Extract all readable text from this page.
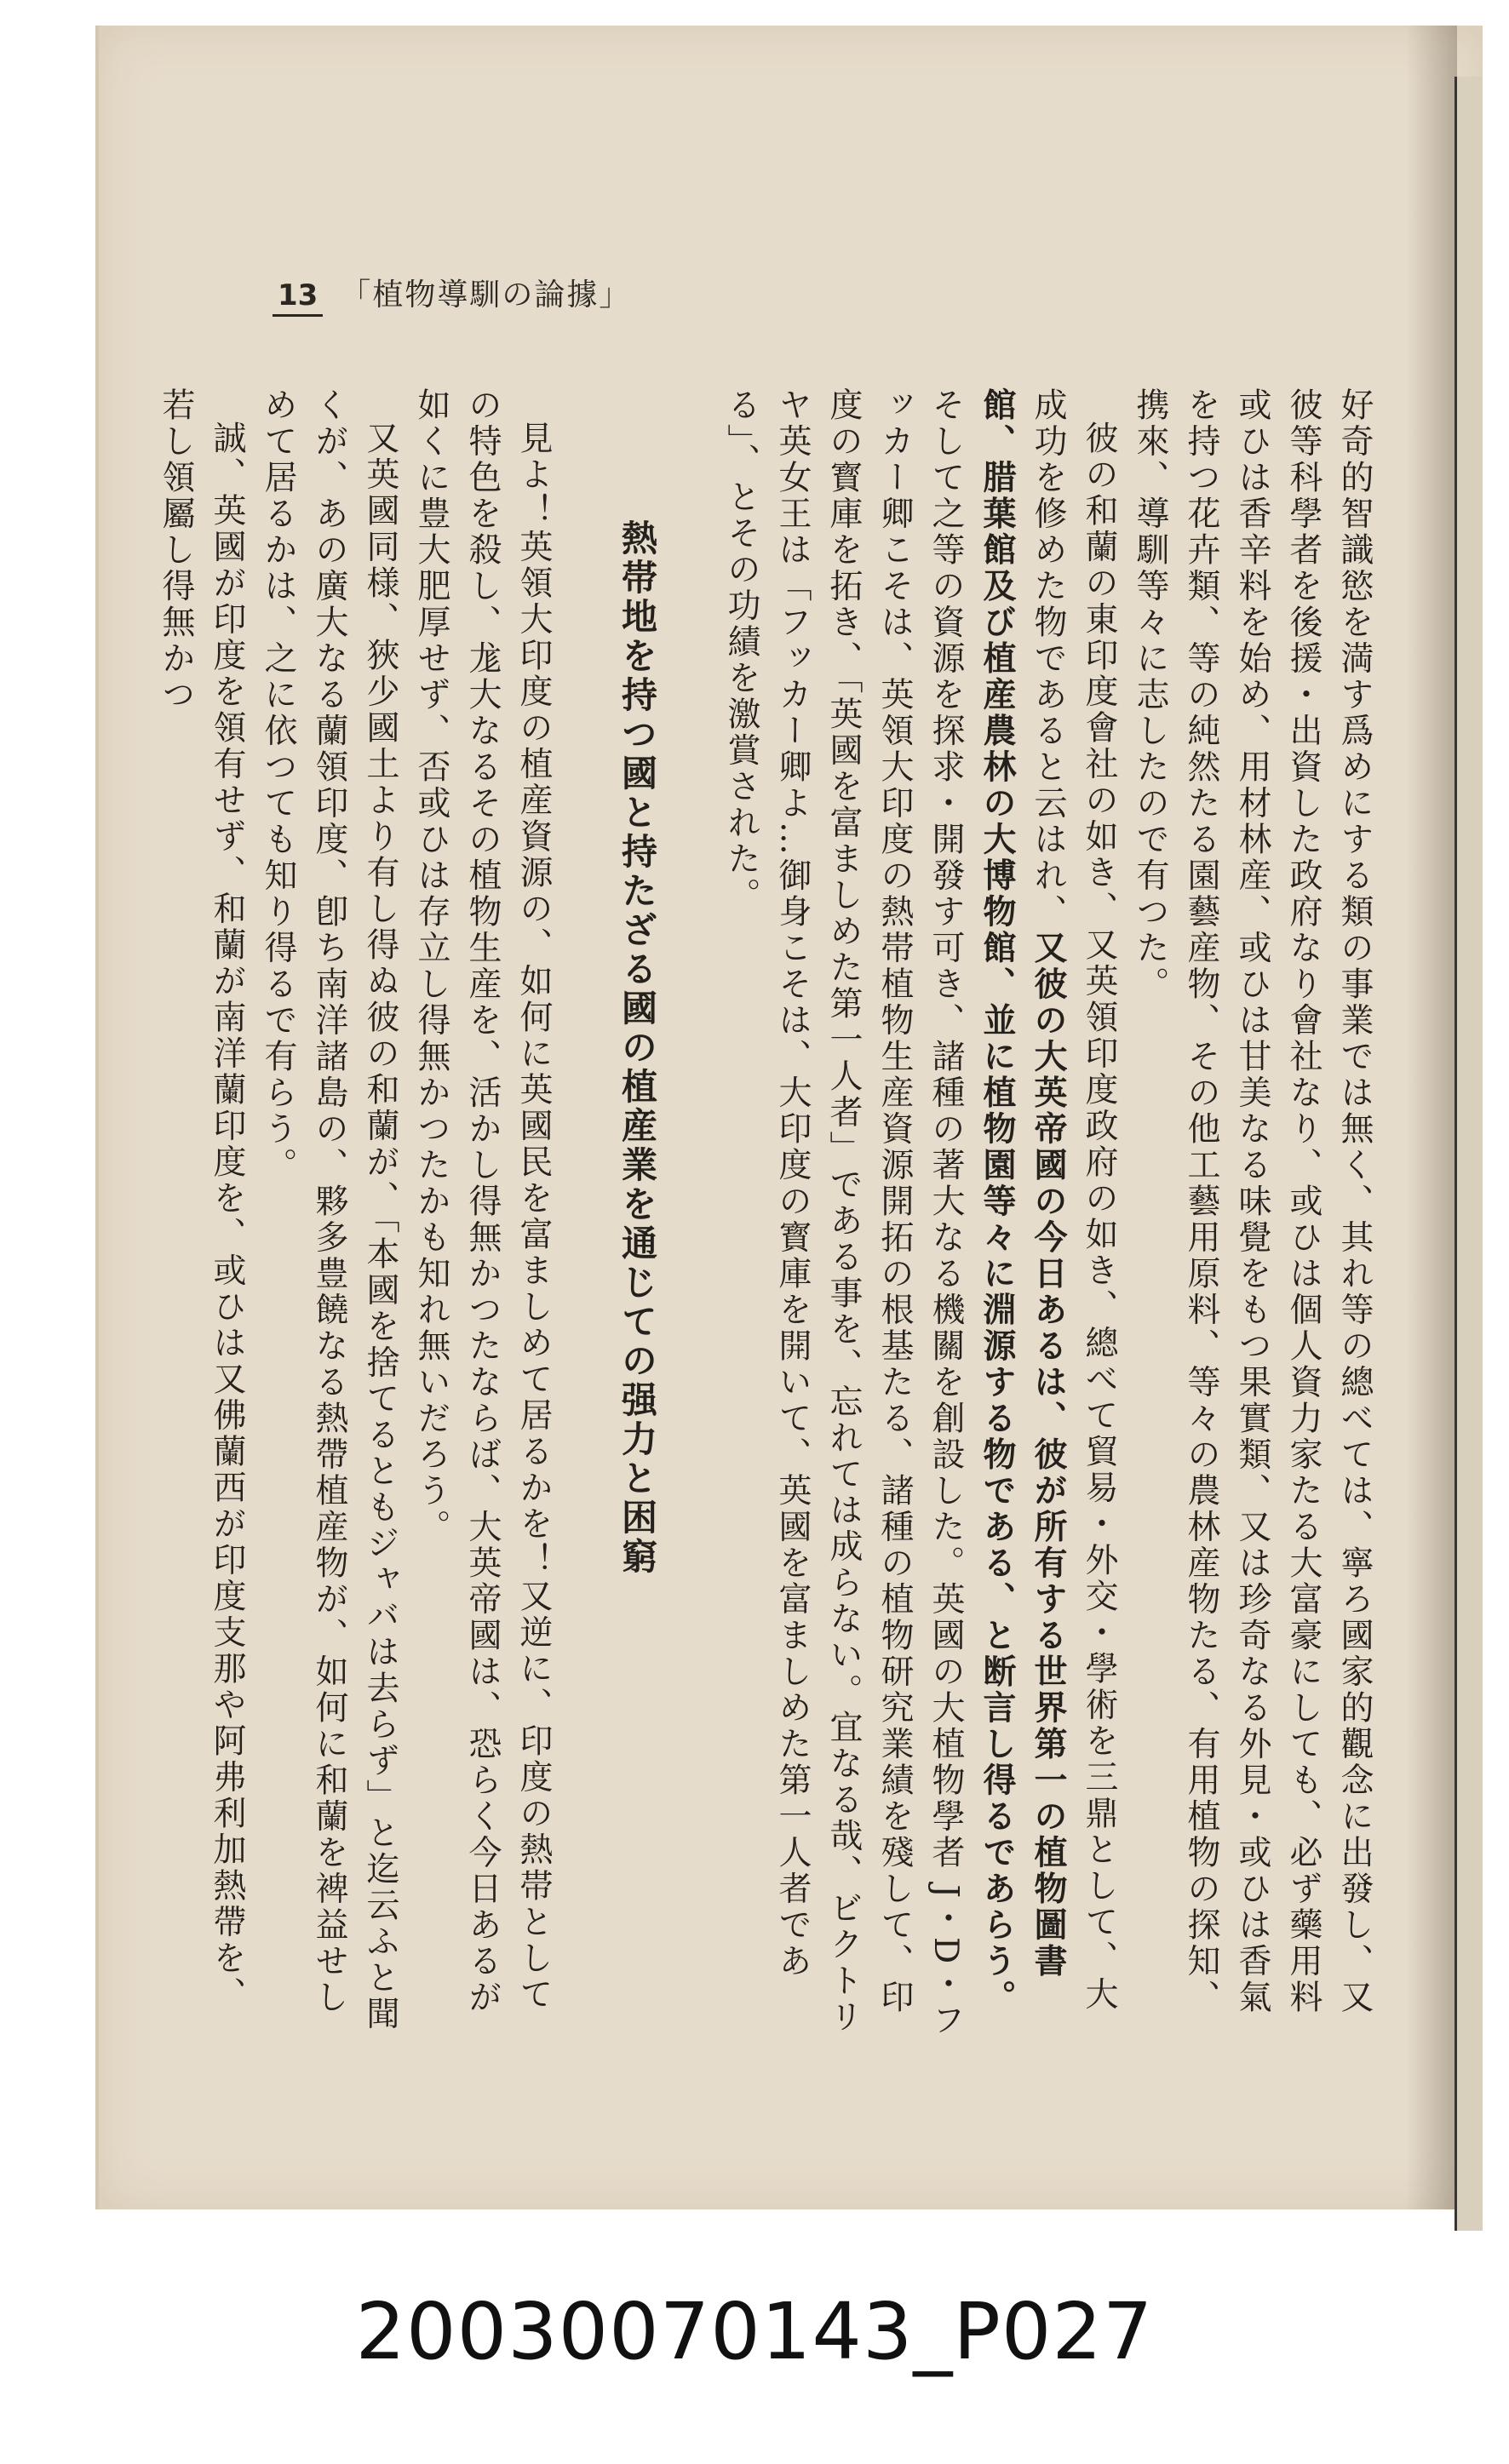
13 「植物導馴の論據」

好奇的智識慾を満す爲めにする類の事業では無く、其れ等の總べては、寧ろ國家的觀念に出發し、又彼等科學者を後援・出資した政府なり會社なり、或ひは個人資力家たる大富豪にしても、必ず藥用料或ひは香辛料を始め、用材林産、或ひは甘美なる味覺をもつ果實類、又は珍奇なる外見・或ひは香氣を持つ花卉類、等の純然たる園藝産物、その他工藝用原料、等々の農林産物たる、有用植物の探知、携來、導馴等々に志したので有つた。

彼の和蘭の東印度會社の如き、又英領印度政府の如き、總べて貿易・外交・學術を三鼎として、大成功を修めた物であると云はれ、又彼の大英帝國の今日あるは、彼が所有する世界第一の植物圖書館、腊葉館及び植産農林の大博物館、並に植物園等々に淵源する物である、と断言し得るであらう。そして之等の資源を探求・開發す可き、諸種の著大なる機關を創設した。英國の大植物學者 J・D・フッカー卿こそは、英領大印度の熱帯植物生産資源開拓の根基たる、諸種の植物研究業績を殘して、印度の寳庫を拓き、「英國を富ましめた第一人者」である事を、忘れては成らない。宜なる哉、ビクトリヤ英女王は「フッカー卿よ…御身こそは、大印度の寳庫を開いて、英國を富ましめた第一人者である」、とその功績を激賞された。

熱帯地を持つ國と持たざる國の植産業を通じての强力と困窮

見よ！英領大印度の植産資源の、如何に英國民を富ましめて居るかを！又逆に、印度の熱帯としての特色を殺し、尨大なるその植物生産を、活かし得無かつたならば、大英帝國は、恐らく今日あるが如くに豊大肥厚せず、否或ひは存立し得無かつたかも知れ無いだろう。

又英國同様、狹少國土より有し得ぬ彼の和蘭が、「本國を捨てるともジャバは去らず」と迄云ふと聞くが、あの廣大なる蘭領印度、卽ち南洋諸島の、夥多豊饒なる熱帶植産物が、如何に和蘭を裨益せしめて居るかは、之に依つても知り得るで有らう。

誠、英國が印度を領有せず、和蘭が南洋蘭印度を、或ひは又佛蘭西が印度支那や阿弗利加熱帶を、若し領屬し得無かつ

20030070143_P027
